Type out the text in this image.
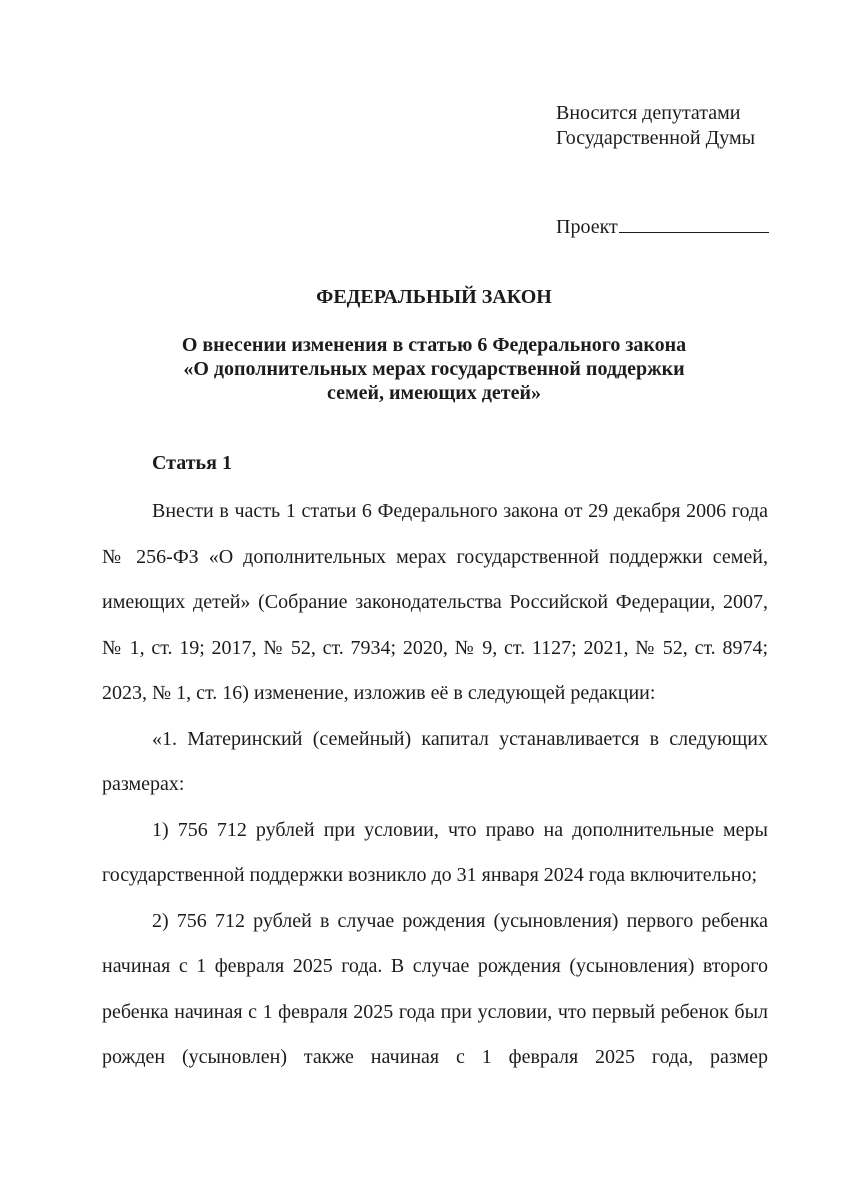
Вносится депутатами
Государственной Думы
Проект
ФЕДЕРАЛЬНЫЙ ЗАКОН
О внесении изменения в статью 6 Федерального закона
«О дополнительных мерах государственной поддержки
семей, имеющих детей»
Статья 1
Внести в часть 1 статьи 6 Федерального закона от 29 декабря 2006 года
№ 256-ФЗ «О дополнительных мерах государственной поддержки семей,
имеющих детей» (Собрание законодательства Российской Федерации, 2007,
№ 1, ст. 19; 2017, № 52, ст. 7934; 2020, № 9, ст. 1127; 2021, № 52, ст. 8974;
2023, № 1, ст. 16) изменение, изложив её в следующей редакции:
«1. Материнский (семейный) капитал устанавливается в следующих
размерах:
1) 756 712 рублей при условии, что право на дополнительные меры
государственной поддержки возникло до 31 января 2024 года включительно;
2) 756 712 рублей в случае рождения (усыновления) первого ребенка
начиная с 1 февраля 2025 года. В случае рождения (усыновления) второго
ребенка начиная с 1 февраля 2025 года при условии, что первый ребенок был
рожден (усыновлен) также начиная с 1 февраля 2025 года, размер
